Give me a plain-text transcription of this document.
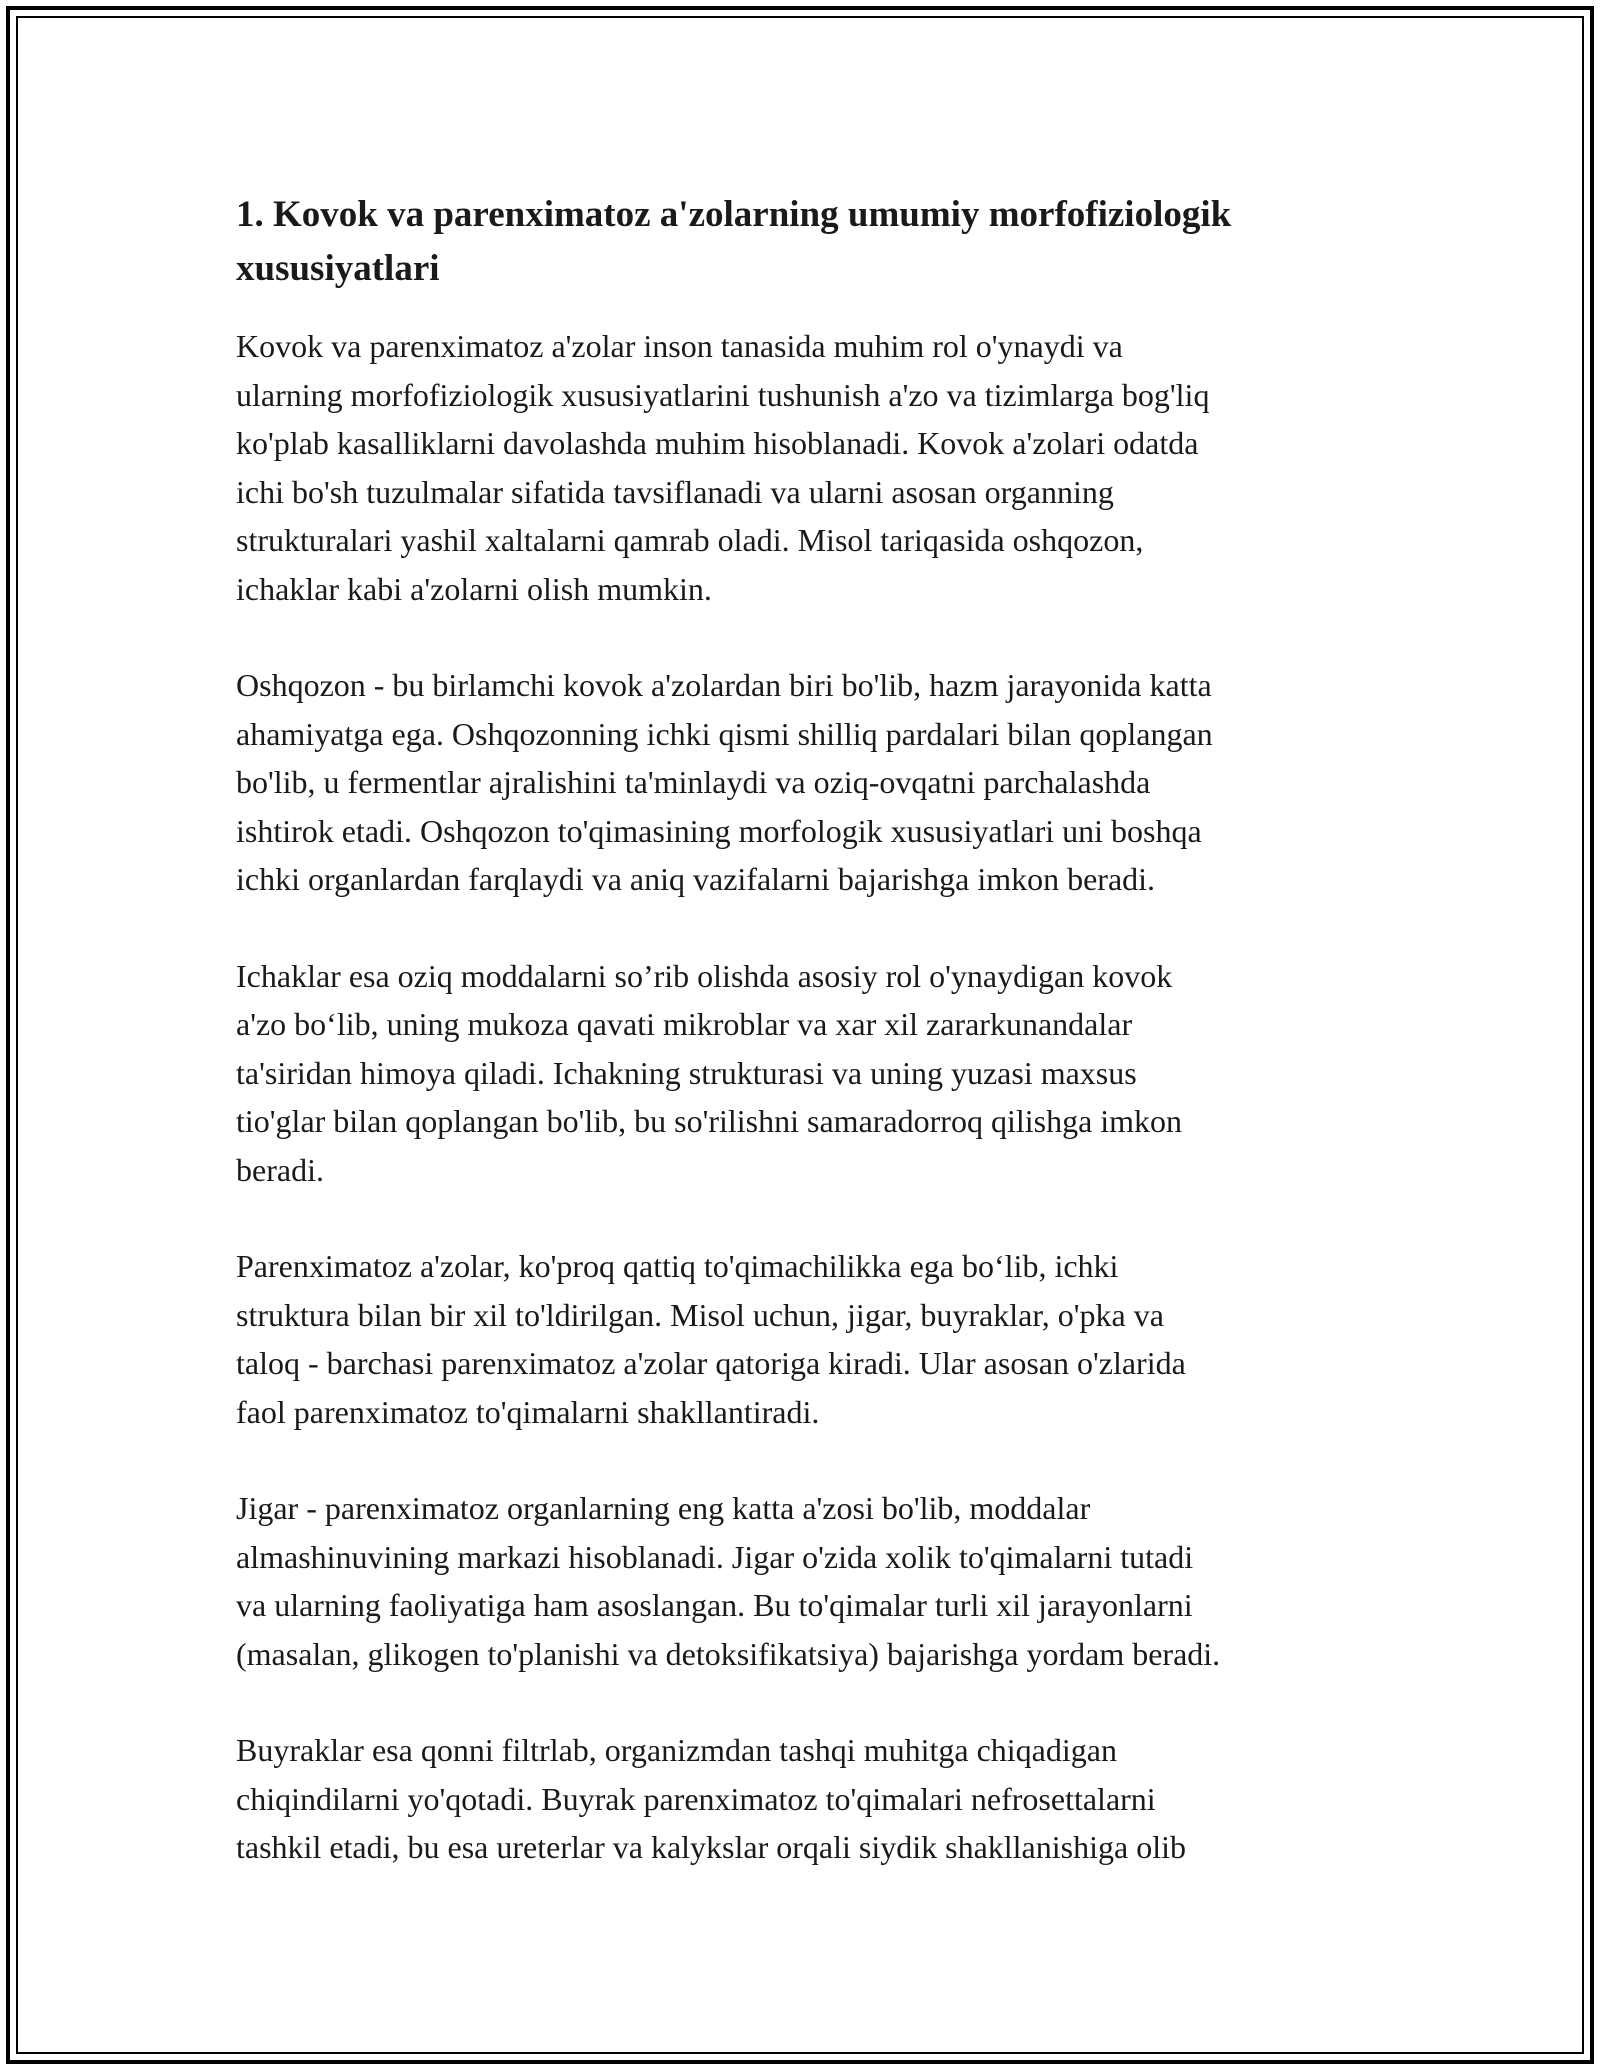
1. Kovok va parenximatoz a'zolarning umumiy morfofiziologik
xususiyatlari

Kovok va parenximatoz a'zolar inson tanasida muhim rol o'ynaydi va
ularning morfofiziologik xususiyatlarini tushunish a'zo va tizimlarga bog'liq
ko'plab kasalliklarni davolashda muhim hisoblanadi. Kovok a'zolari odatda
ichi bo'sh tuzulmalar sifatida tavsiflanadi va ularni asosan organning
strukturalari yashil xaltalarni qamrab oladi. Misol tariqasida oshqozon,
ichaklar kabi a'zolarni olish mumkin.

Oshqozon - bu birlamchi kovok a'zolardan biri bo'lib, hazm jarayonida katta
ahamiyatga ega. Oshqozonning ichki qismi shilliq pardalari bilan qoplangan
bo'lib, u fermentlar ajralishini ta'minlaydi va oziq-ovqatni parchalashda
ishtirok etadi. Oshqozon to'qimasining morfologik xususiyatlari uni boshqa
ichki organlardan farqlaydi va aniq vazifalarni bajarishga imkon beradi.

Ichaklar esa oziq moddalarni so’rib olishda asosiy rol o'ynaydigan kovok
a'zo bo‘lib, uning mukoza qavati mikroblar va xar xil zararkunandalar
ta'siridan himoya qiladi. Ichakning strukturasi va uning yuzasi maxsus
tio'glar bilan qoplangan bo'lib, bu so'rilishni samaradorroq qilishga imkon
beradi.

Parenximatoz a'zolar, ko'proq qattiq to'qimachilikka ega bo‘lib, ichki
struktura bilan bir xil to'ldirilgan. Misol uchun, jigar, buyraklar, o'pka va
taloq - barchasi parenximatoz a'zolar qatoriga kiradi. Ular asosan o'zlarida
faol parenximatoz to'qimalarni shakllantiradi.

Jigar - parenximatoz organlarning eng katta a'zosi bo'lib, moddalar
almashinuvining markazi hisoblanadi. Jigar o'zida xolik to'qimalarni tutadi
va ularning faoliyatiga ham asoslangan. Bu to'qimalar turli xil jarayonlarni
(masalan, glikogen to'planishi va detoksifikatsiya) bajarishga yordam beradi.

Buyraklar esa qonni filtrlab, organizmdan tashqi muhitga chiqadigan
chiqindilarni yo'qotadi. Buyrak parenximatoz to'qimalari nefrosettalarni
tashkil etadi, bu esa ureterlar va kalykslar orqali siydik shakllanishiga olib
